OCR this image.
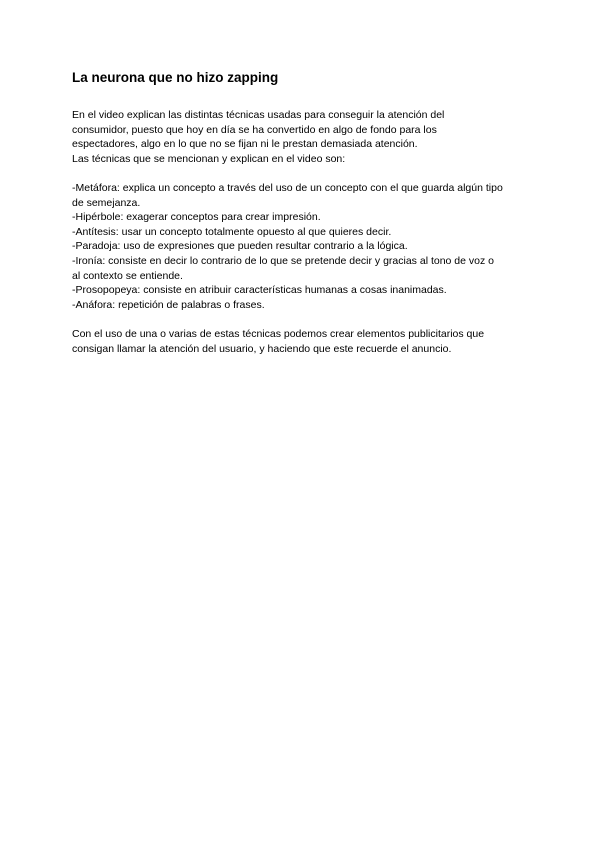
La neurona que no hizo zapping
En el video explican las distintas técnicas usadas para conseguir la atención del
consumidor, puesto que hoy en día se ha convertido en algo de fondo para los
espectadores, algo en lo que no se fijan ni le prestan demasiada atención.
Las técnicas que se mencionan y explican en el video son:
-Metáfora: explica un concepto a través del uso de un concepto con el que guarda algún tipo
de semejanza.
-Hipérbole: exagerar conceptos para crear impresión.
-Antítesis: usar un concepto totalmente opuesto al que quieres decir.
-Paradoja: uso de expresiones que pueden resultar contrario a la lógica.
-Ironía: consiste en decir lo contrario de lo que se pretende decir y gracias al tono de voz o
al contexto se entiende.
-Prosopopeya: consiste en atribuir características humanas a cosas inanimadas.
-Anáfora: repetición de palabras o frases.
Con el uso de una o varias de estas técnicas podemos crear elementos publicitarios que
consigan llamar la atención del usuario, y haciendo que este recuerde el anuncio.
